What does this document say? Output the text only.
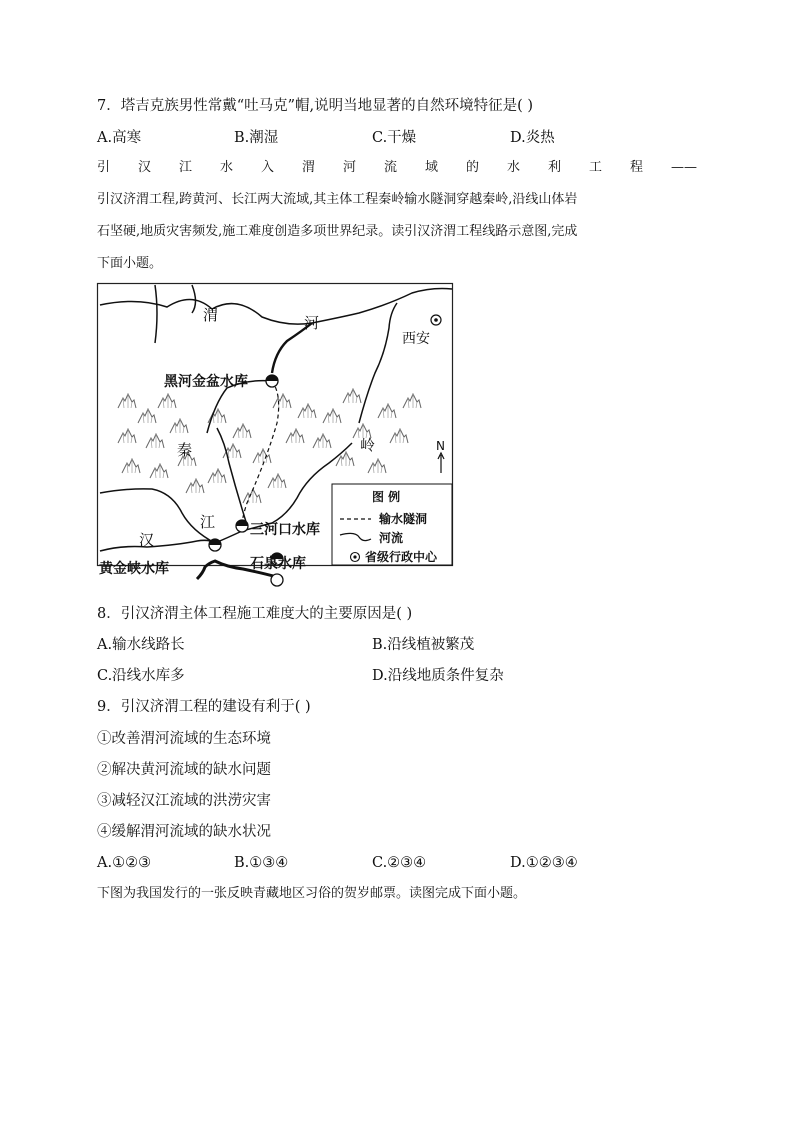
7．塔吉克族男性常戴“吐马克”帽,说明当地显著的自然环境特征是( )
A.高寒	B.潮湿	C.干燥	D.炎热
引 汉 江 水 入 渭 河 流 域 的 水 利 工 程 ——
引汉济渭工程,跨黄河、长江两大流域,其主体工程秦岭输水隧洞穿越秦岭,沿线山体岩
石坚硬,地质灾害频发,施工难度创造多项世界纪录。读引汉济渭工程线路示意图,完成
下面小题。
渭	河
西安
黑河金盆水库
秦	岭
汉
江 三河口水库
黄金峡水库	石泉水库
N
图 例
输水隧洞
河流
省级行政中心
8．引汉济渭主体工程施工难度大的主要原因是( )
A.输水线路长	B.沿线植被繁茂
C.沿线水库多	D.沿线地质条件复杂
9．引汉济渭工程的建设有利于( )
①改善渭河流域的生态环境
②解决黄河流域的缺水问题
③减轻汉江流域的洪涝灾害
④缓解渭河流域的缺水状况
A.①②③	B.①③④	C.②③④	D.①②③④
下图为我国发行的一张反映青藏地区习俗的贺岁邮票。读图完成下面小题。
